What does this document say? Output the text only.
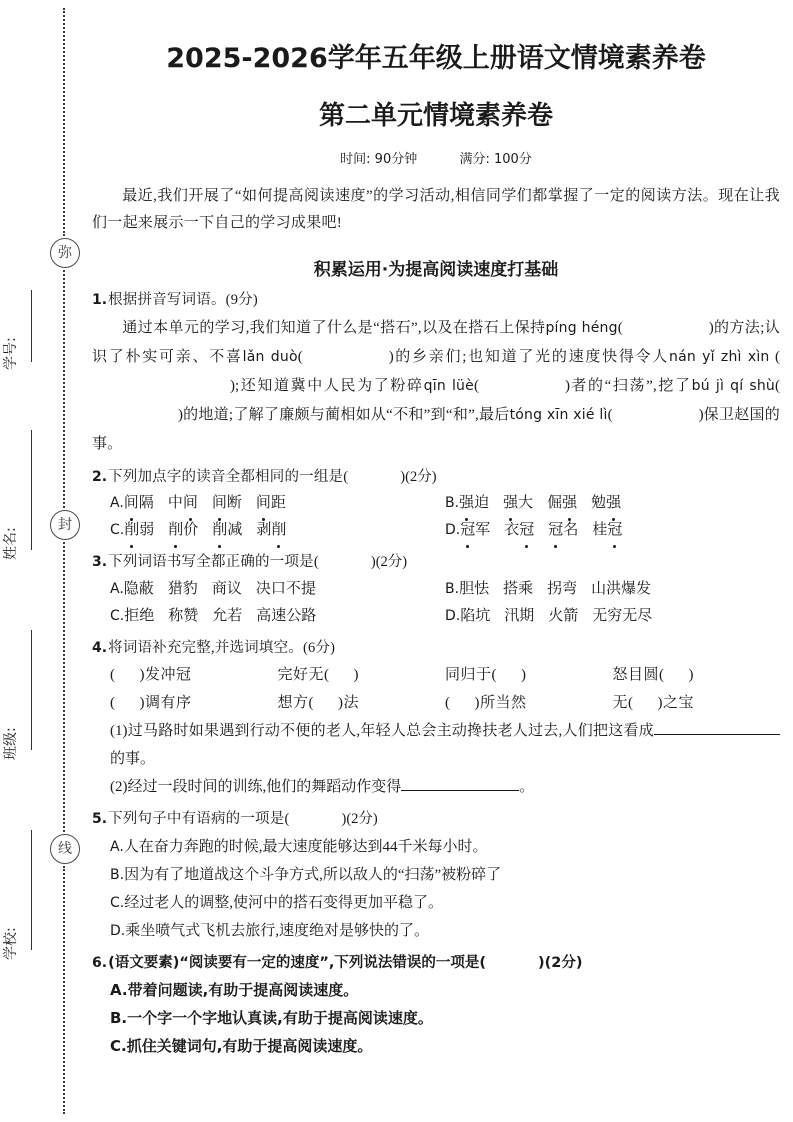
弥
封
线
学号:
姓名:
班级:
学校:
2025-2026学年五年级上册语文情境素养卷
第二单元情境素养卷
时间: 90分钟	满分: 100分
最近,我们开展了“如何提高阅读速度”的学习活动,相信同学们都掌握了一定的阅读方法。现在让我们一起来展示一下自己的学习成果吧!
积累运用·为提高阅读速度打基础
1.根据拼音写词语。(9分)
通过本单元的学习,我们知道了什么是“搭石”,以及在搭石上保持píng héng(	)的方法;认识了朴实可亲、不喜lǎn duò(	)的乡亲们;也知道了光的速度快得令人nán yǐ zhì xìn ();还知道冀中人民为了粉碎qīn lüè(	)者的“扫荡”,挖了bú jì qí shù()的地道;了解了廉颇与蔺相如从“不和”到“和”,最后tóng xīn xié lì(	)保卫赵国的事。
2.下列加点字的读音全都相同的一组是(	)(2分)
A.间隔 中间 间断 间距	B.强迫 强大 倔强 勉强
C.削弱 削价 削减 剥削	D.冠军 衣冠 冠名 桂冠
3.下列词语书写全都正确的一项是(	)(2分)
A.隐蔽 猎豹 商议 决口不提	B.胆怯 搭乘 拐弯 山洪爆发
C.拒绝 称赞 允若 高速公路	D.陷坑 汛期 火箭 无穷无尽
4.将词语补充完整,并选词填空。(6分)
( )发冲冠	完好无( )	同归于( )	怒目圆( )
( )调有序	想方( )法	( )所当然	无( )之宝
(1)过马路时如果遇到行动不便的老人,年轻人总会主动搀扶老人过去,人们把这看成的事。
(2)经过一段时间的训练,他们的舞蹈动作变得	。
5.下列句子中有语病的一项是(	)(2分)
A.人在奋力奔跑的时候,最大速度能够达到44千米每小时。
B.因为有了地道战这个斗争方式,所以敌人的“扫荡”被粉碎了
C.经过老人的调整,使河中的搭石变得更加平稳了。
D.乘坐喷气式飞机去旅行,速度绝对是够快的了。
6.(语文要素)“阅读要有一定的速度”,下列说法错误的一项是(	)(2分)
A.带着问题读,有助于提高阅读速度。
B.一个字一个字地认真读,有助于提高阅读速度。
C.抓住关键词句,有助于提高阅读速度。
